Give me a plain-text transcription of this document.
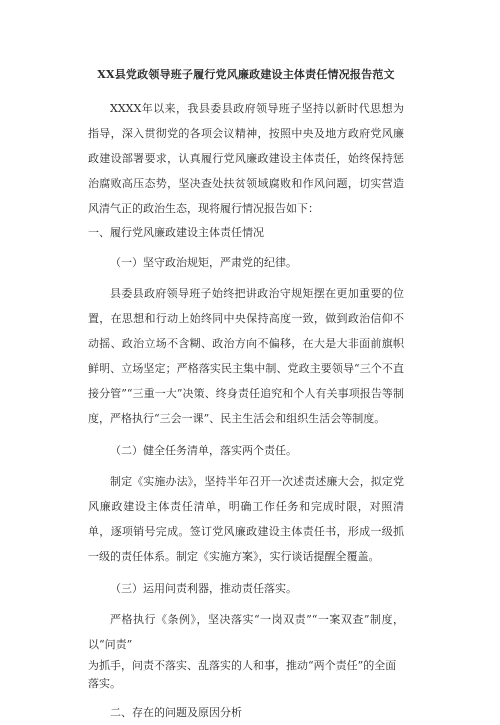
XX县党政领导班子履行党风廉政建设主体责任情况报告范文

XXXX年以来，我县委县政府领导班子坚持以新时代思想为指导，深入贯彻党的各项会议精神，按照中央及地方政府党风廉政建设部署要求，认真履行党风廉政建设主体责任，始终保持惩治腐败高压态势，坚决查处扶贫领域腐败和作风问题，切实营造风清气正的政治生态，现将履行情况报告如下：

一、履行党风廉政建设主体责任情况

（一）坚守政治规矩，严肃党的纪律。

县委县政府领导班子始终把讲政治守规矩摆在更加重要的位置，在思想和行动上始终同中央保持高度一致，做到政治信仰不动摇、政治立场不含糊、政治方向不偏移，在大是大非面前旗帜鲜明、立场坚定；严格落实民主集中制、党政主要领导“三个不直接分管”“三重一大”决策、终身责任追究和个人有关事项报告等制度，严格执行“三会一课”、民主生活会和组织生活会等制度。

（二）健全任务清单，落实两个责任。

制定《实施办法》，坚持半年召开一次述责述廉大会，拟定党风廉政建设主体责任清单，明确工作任务和完成时限，对照清单，逐项销号完成。签订党风廉政建设主体责任书，形成一级抓一级的责任体系。制定《实施方案》，实行谈话提醒全覆盖。

（三）运用问责利器，推动责任落实。

严格执行《条例》，坚决落实“一岗双责”“一案双查”制度，以“问责”

为抓手，问责不落实、乱落实的人和事，推动“两个责任”的全面
落实。

二、存在的问题及原因分析
